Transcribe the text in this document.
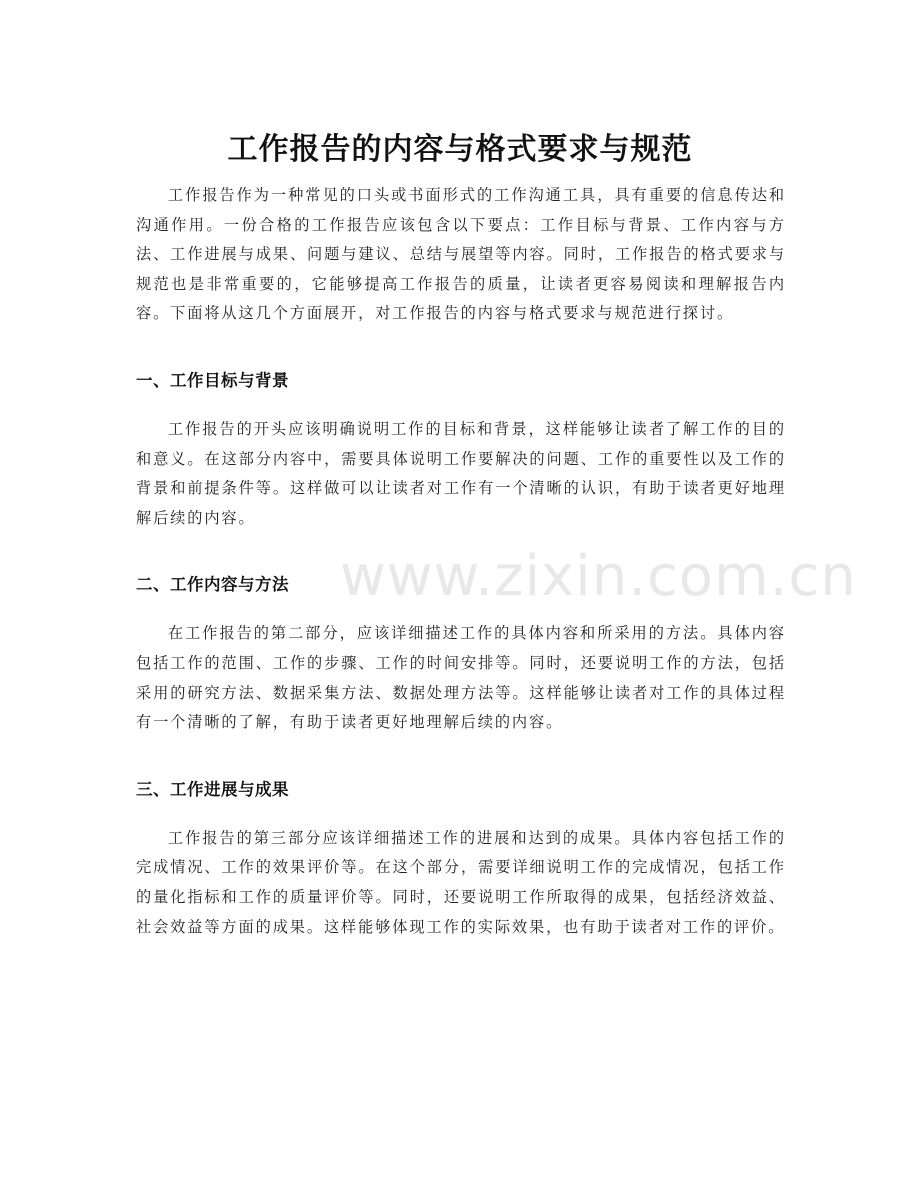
www.zixin.com.cn
工作报告的内容与格式要求与规范

工作报告作为一种常见的口头或书面形式的工作沟通工具，具有重要的信息传达和沟通作用。一份合格的工作报告应该包含以下要点：工作目标与背景、工作内容与方法、工作进展与成果、问题与建议、总结与展望等内容。同时，工作报告的格式要求与规范也是非常重要的，它能够提高工作报告的质量，让读者更容易阅读和理解报告内容。下面将从这几个方面展开，对工作报告的内容与格式要求与规范进行探讨。

一、工作目标与背景

工作报告的开头应该明确说明工作的目标和背景，这样能够让读者了解工作的目的和意义。在这部分内容中，需要具体说明工作要解决的问题、工作的重要性以及工作的背景和前提条件等。这样做可以让读者对工作有一个清晰的认识，有助于读者更好地理解后续的内容。

二、工作内容与方法

在工作报告的第二部分，应该详细描述工作的具体内容和所采用的方法。具体内容包括工作的范围、工作的步骤、工作的时间安排等。同时，还要说明工作的方法，包括采用的研究方法、数据采集方法、数据处理方法等。这样能够让读者对工作的具体过程有一个清晰的了解，有助于读者更好地理解后续的内容。

三、工作进展与成果

工作报告的第三部分应该详细描述工作的进展和达到的成果。具体内容包括工作的完成情况、工作的效果评价等。在这个部分，需要详细说明工作的完成情况，包括工作的量化指标和工作的质量评价等。同时，还要说明工作所取得的成果，包括经济效益、社会效益等方面的成果。这样能够体现工作的实际效果，也有助于读者对工作的评价。
